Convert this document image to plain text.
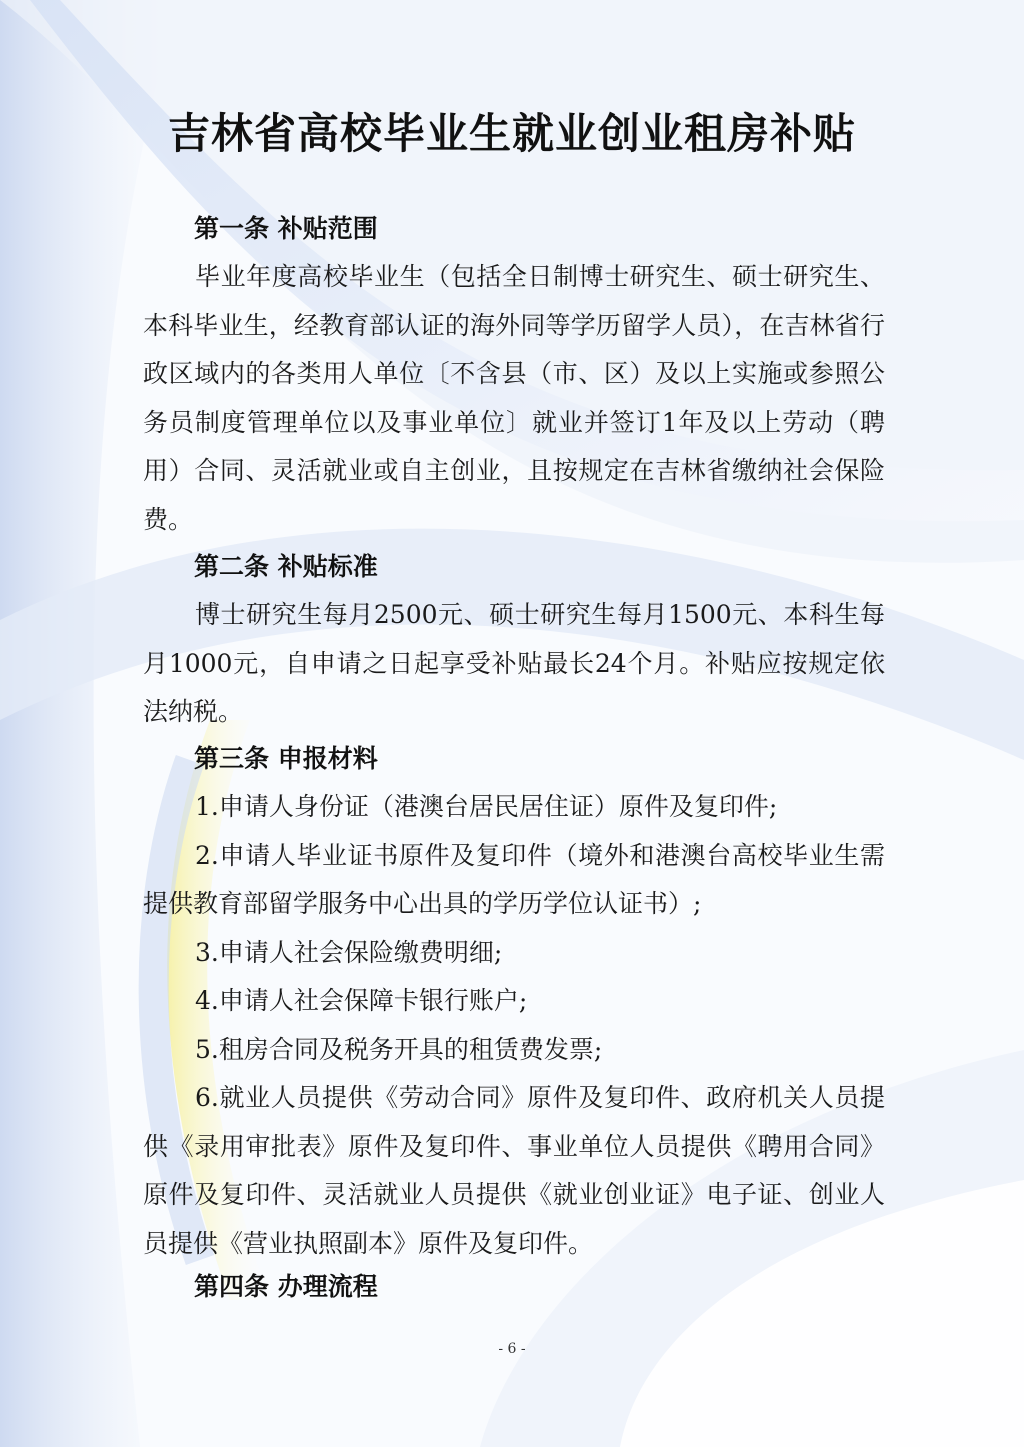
吉林省高校毕业生就业创业租房补贴
第一条 补贴范围

毕业年度高校毕业生（包括全日制博士研究生、硕士研究生、本科毕业生，经教育部认证的海外同等学历留学人员），在吉林省行政区域内的各类用人单位〔不含县（市、区）及以上实施或参照公务员制度管理单位以及事业单位〕就业并签订1年及以上劳动（聘用）合同、灵活就业或自主创业，且按规定在吉林省缴纳社会保险费。

第二条 补贴标准

博士研究生每月2500元、硕士研究生每月1500元、本科生每月1000元，自申请之日起享受补贴最长24个月。补贴应按规定依法纳税。

第三条 申报材料
1.申请人身份证（港澳台居民居住证）原件及复印件;
2.申请人毕业证书原件及复印件（境外和港澳台高校毕业生需提供教育部留学服务中心出具的学历学位认证书）;
3.申请人社会保险缴费明细;
4.申请人社会保障卡银行账户;
5.租房合同及税务开具的租赁费发票;
6.就业人员提供《劳动合同》原件及复印件、政府机关人员提供《录用审批表》原件及复印件、事业单位人员提供《聘用合同》原件及复印件、灵活就业人员提供《就业创业证》电子证、创业人员提供《营业执照副本》原件及复印件。
第四条 办理流程
- 6 -
